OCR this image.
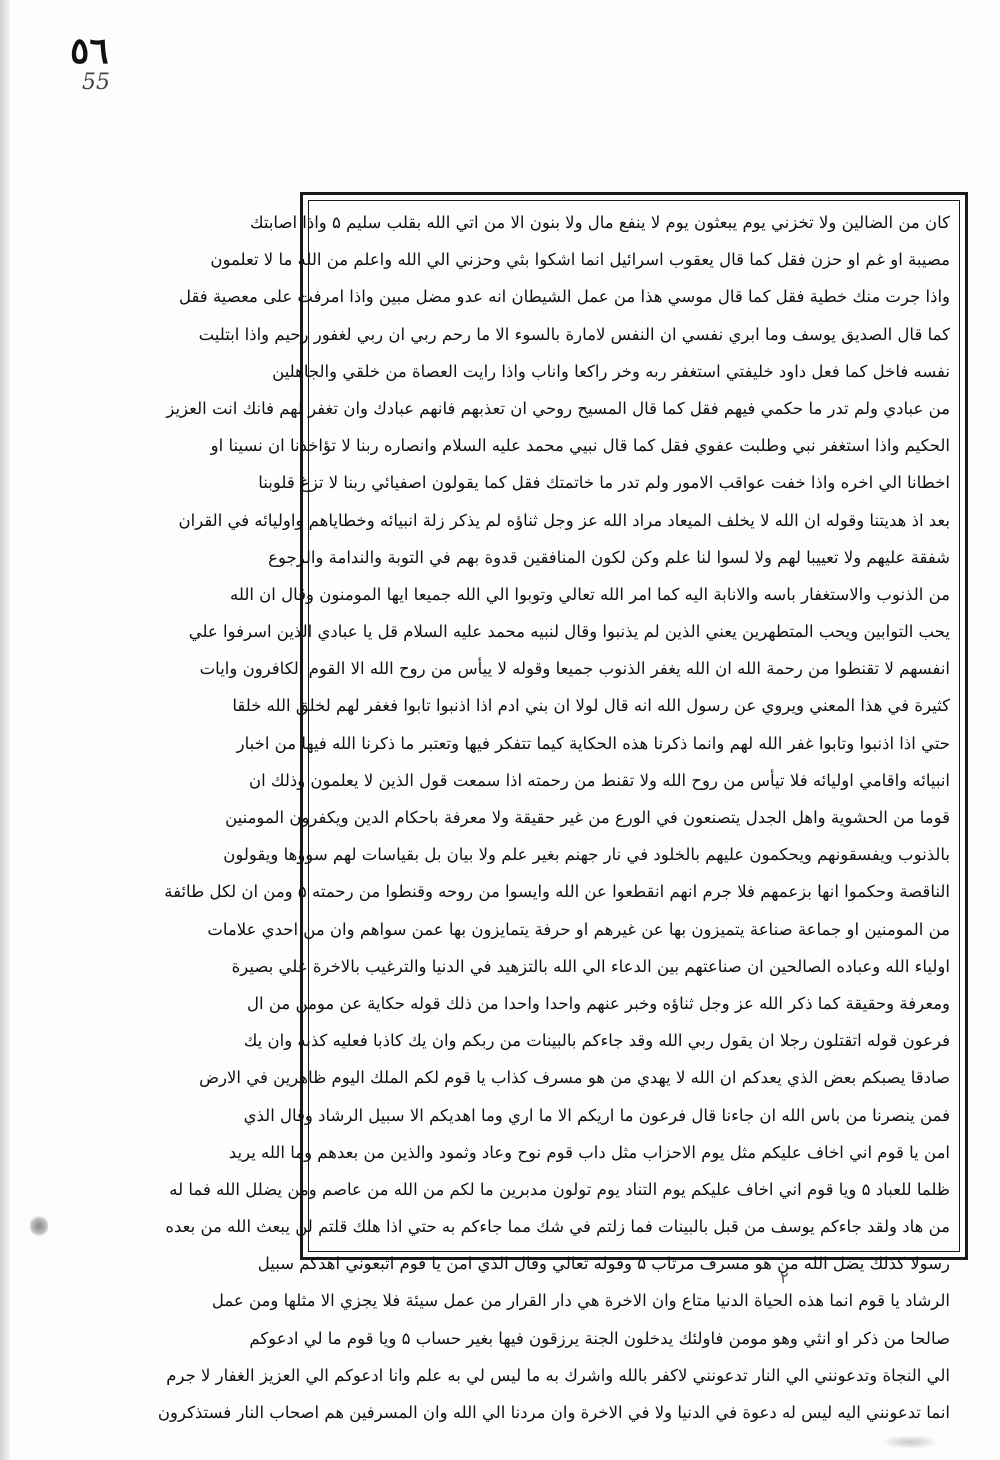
٥٦
55
كان من الضالين ولا تخزني يوم يبعثون يوم لا ينفع مال ولا بنون الا من اتي الله بقلب سليم ۵ واذا اصابتك
مصيبة او غم او حزن فقل كما قال يعقوب اسرائيل انما اشكوا بثي وحزني الي الله واعلم من الله ما لا تعلمون
واذا جرت منك خطية فقل كما قال موسي هذا من عمل الشيطان انه عدو مضل مبين واذا امرفت على معصية فقل
كما قال الصديق يوسف وما ابري نفسي ان النفس لامارة بالسوء الا ما رحم ربي ان ربي لغفور رحيم واذا ابتليت
نفسه فاخل كما فعل داود خليفتي استغفر ربه وخر راكعا واناب واذا رايت العصاة من خلقي والجاهلين
من عبادي ولم تدر ما حكمي فيهم فقل كما قال المسيح روحي ان تعذبهم فانهم عبادك وان تغفر لهم فانك انت العزيز
الحكيم واذا استغفر نبي وطلبت عفوي فقل كما قال نبيي محمد عليه السلام وانصاره ربنا لا تؤاخذنا ان نسينا او
اخطانا الي اخره واذا خفت عواقب الامور ولم تدر ما خاتمتك فقل كما يقولون اصفيائي ربنا لا تزغ قلوبنا
بعد اذ هديتنا وقوله ان الله لا يخلف الميعاد مراد الله عز وجل ثناؤه لم يذكر زلة انبيائه وخطاياهم واوليائه في القران
شفقة عليهم ولا تعييبا لهم ولا لسوا لنا علم وكن لكون المنافقين قدوة بهم في التوبة والندامة والرجوع
من الذنوب والاستغفار باسه والانابة اليه كما امر الله تعالي وتوبوا الي الله جميعا ايها المومنون وقال ان الله
يحب التوابين ويحب المتطهرين يعني الذين لم يذنبوا وقال لنبيه محمد عليه السلام قل يا عبادي الذين اسرفوا علي
انفسهم لا تقنطوا من رحمة الله ان الله يغفر الذنوب جميعا وقوله لا ييأس من روح الله الا القوم الكافرون وايات
كثيرة في هذا المعني ويروي عن رسول الله انه قال لولا ان بني ادم اذا اذنبوا تابوا فغفر لهم لخلق الله خلقا
حتي اذا اذنبوا وتابوا غفر الله لهم وانما ذكرنا هذه الحكاية كيما تتفكر فيها وتعتبر ما ذكرنا الله فيها من اخبار
انبيائه واقامي اوليائه فلا تيأس من روح الله ولا تقنط من رحمته اذا سمعت قول الذين لا يعلمون وذلك ان
قوما من الحشوية واهل الجدل يتصنعون في الورع من غير حقيقة ولا معرفة باحكام الدين ويكفرون المومنين
بالذنوب ويفسقونهم ويحكمون عليهم بالخلود في نار جهنم بغير علم ولا بيان بل بقياسات لهم سوؤها ويقولون
الناقصة وحكموا انها بزعمهم فلا جرم انهم انقطعوا عن الله وايسوا من روحه وقنطوا من رحمته ۵ ومن ان لكل طائفة
من المومنين او جماعة صناعة يتميزون بها عن غيرهم او حرفة يتمايزون بها عمن سواهم وان من احدي علامات
اولياء الله وعباده الصالحين ان صناعتهم بين الدعاء الي الله بالتزهيد في الدنيا والترغيب بالاخرة علي بصيرة
ومعرفة وحقيقة كما ذكر الله عز وجل ثناؤه وخبر عنهم واحدا واحدا من ذلك قوله حكاية عن مومن من ال
فرعون قوله اتقتلون رجلا ان يقول ربي الله وقد جاءكم بالبينات من ربكم وان يك كاذبا فعليه كذبه وان يك
صادقا يصبكم بعض الذي يعدكم ان الله لا يهدي من هو مسرف كذاب يا قوم لكم الملك اليوم ظاهرين في الارض
فمن ينصرنا من باس الله ان جاءنا قال فرعون ما اريكم الا ما اري وما اهديكم الا سبيل الرشاد وقال الذي
امن يا قوم اني اخاف عليكم مثل يوم الاحزاب مثل داب قوم نوح وعاد وثمود والذين من بعدهم وما الله يريد
ظلما للعباد ۵ ويا قوم اني اخاف عليكم يوم التناد يوم تولون مدبرين ما لكم من الله من عاصم ومن يضلل الله فما له
من هاد ولقد جاءكم يوسف من قبل بالبينات فما زلتم في شك مما جاءكم به حتي اذا هلك قلتم لن يبعث الله من بعده
رسولا كذلك يضل الله من هو مسرف مرتاب ۵ وقوله تعالي وقال الذي امن يا قوم اتبعوني اهدكم سبيل
الرشاد يا قوم انما هذه الحياة الدنيا متاع وان الاخرة هي دار القرار من عمل سيئة فلا يجزي الا مثلها ومن عمل
صالحا من ذكر او انثي وهو مومن فاولئك يدخلون الجنة يرزقون فيها بغير حساب ۵ ويا قوم ما لي ادعوكم
الي النجاة وتدعونني الي النار تدعونني لاكفر بالله واشرك به ما ليس لي به علم وانا ادعوكم الي العزيز الغفار لا جرم
انما تدعونني اليه ليس له دعوة في الدنيا ولا في الاخرة وان مردنا الي الله وان المسرفين هم اصحاب النار فستذكرون
٢
